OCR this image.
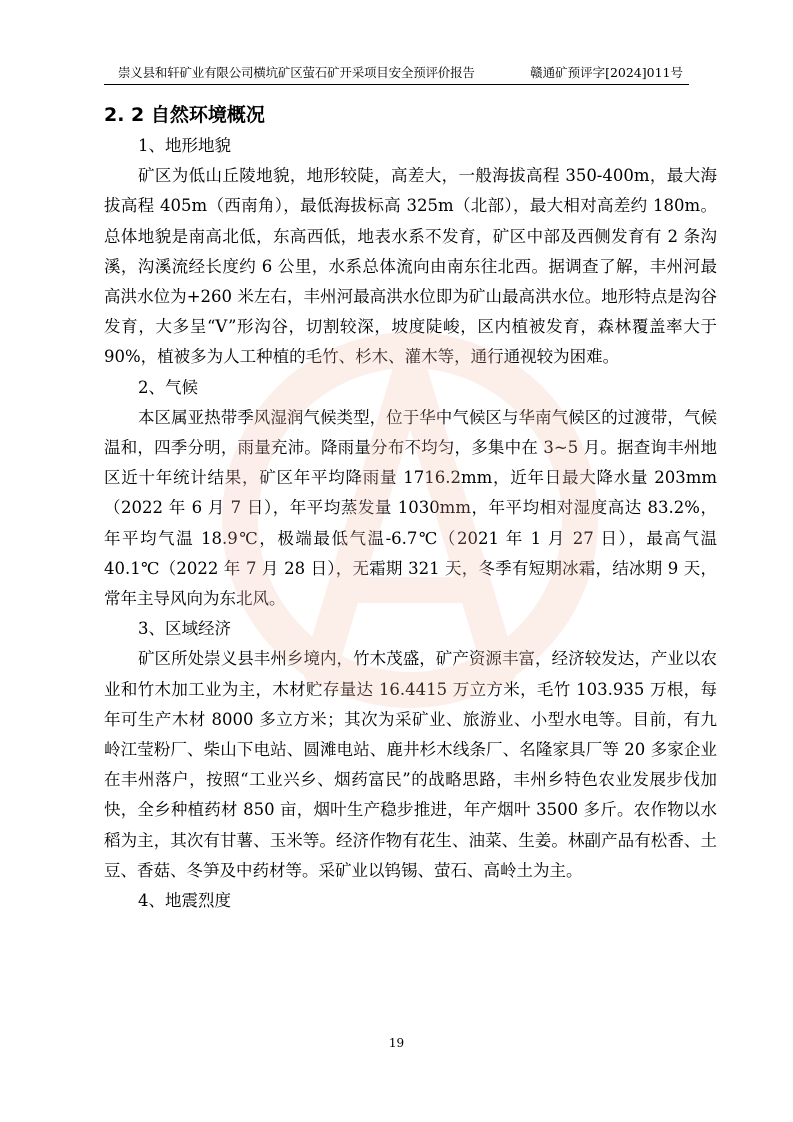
崇义县和轩矿业有限公司横坑矿区萤石矿开采项目安全预评价报告	赣通矿预评字[2024]011号
2. 2 自然环境概况

1、地形地貌

矿区为低山丘陵地貌，地形较陡，高差大，一般海拔高程 350-400m，最大海拔高程 405m（西南角），最低海拔标高 325m（北部），最大相对高差约 180m。总体地貌是南高北低，东高西低，地表水系不发育，矿区中部及西侧发育有 2 条沟溪，沟溪流经长度约 6 公里，水系总体流向由南东往北西。据调查了解，丰州河最高洪水位为+260 米左右，丰州河最高洪水位即为矿山最高洪水位。地形特点是沟谷发育，大多呈“V”形沟谷，切割较深，坡度陡峻，区内植被发育，森林覆盖率大于 90%，植被多为人工种植的毛竹、杉木、灌木等，通行通视较为困难。

2、气候

本区属亚热带季风湿润气候类型，位于华中气候区与华南气候区的过渡带，气候温和，四季分明，雨量充沛。降雨量分布不均匀，多集中在 3~5 月。据查询丰州地区近十年统计结果，矿区年平均降雨量 1716.2mm，近年日最大降水量 203mm（2022 年 6 月 7 日），年平均蒸发量 1030mm，年平均相对湿度高达 83.2%，年平均气温 18.9℃，极端最低气温-6.7℃（2021 年 1 月 27 日），最高气温 40.1℃（2022 年 7 月 28 日），无霜期 321 天，冬季有短期冰霜，结冰期 9 天，常年主导风向为东北风。

3、区域经济

矿区所处崇义县丰州乡境内，竹木茂盛，矿产资源丰富，经济较发达，产业以农业和竹木加工业为主，木材贮存量达 16.4415 万立方米，毛竹 103.935 万根，每年可生产木材 8000 多立方米；其次为采矿业、旅游业、小型水电等。目前，有九岭江莹粉厂、柴山下电站、圆滩电站、鹿井杉木线条厂、名隆家具厂等 20 多家企业在丰州落户，按照“工业兴乡、烟药富民”的战略思路，丰州乡特色农业发展步伐加快，全乡种植药材 850 亩，烟叶生产稳步推进，年产烟叶 3500 多斤。农作物以水稻为主，其次有甘薯、玉米等。经济作物有花生、油菜、生姜。林副产品有松香、土豆、香菇、冬笋及中药材等。采矿业以钨锡、萤石、高岭土为主。

4、地震烈度

19
